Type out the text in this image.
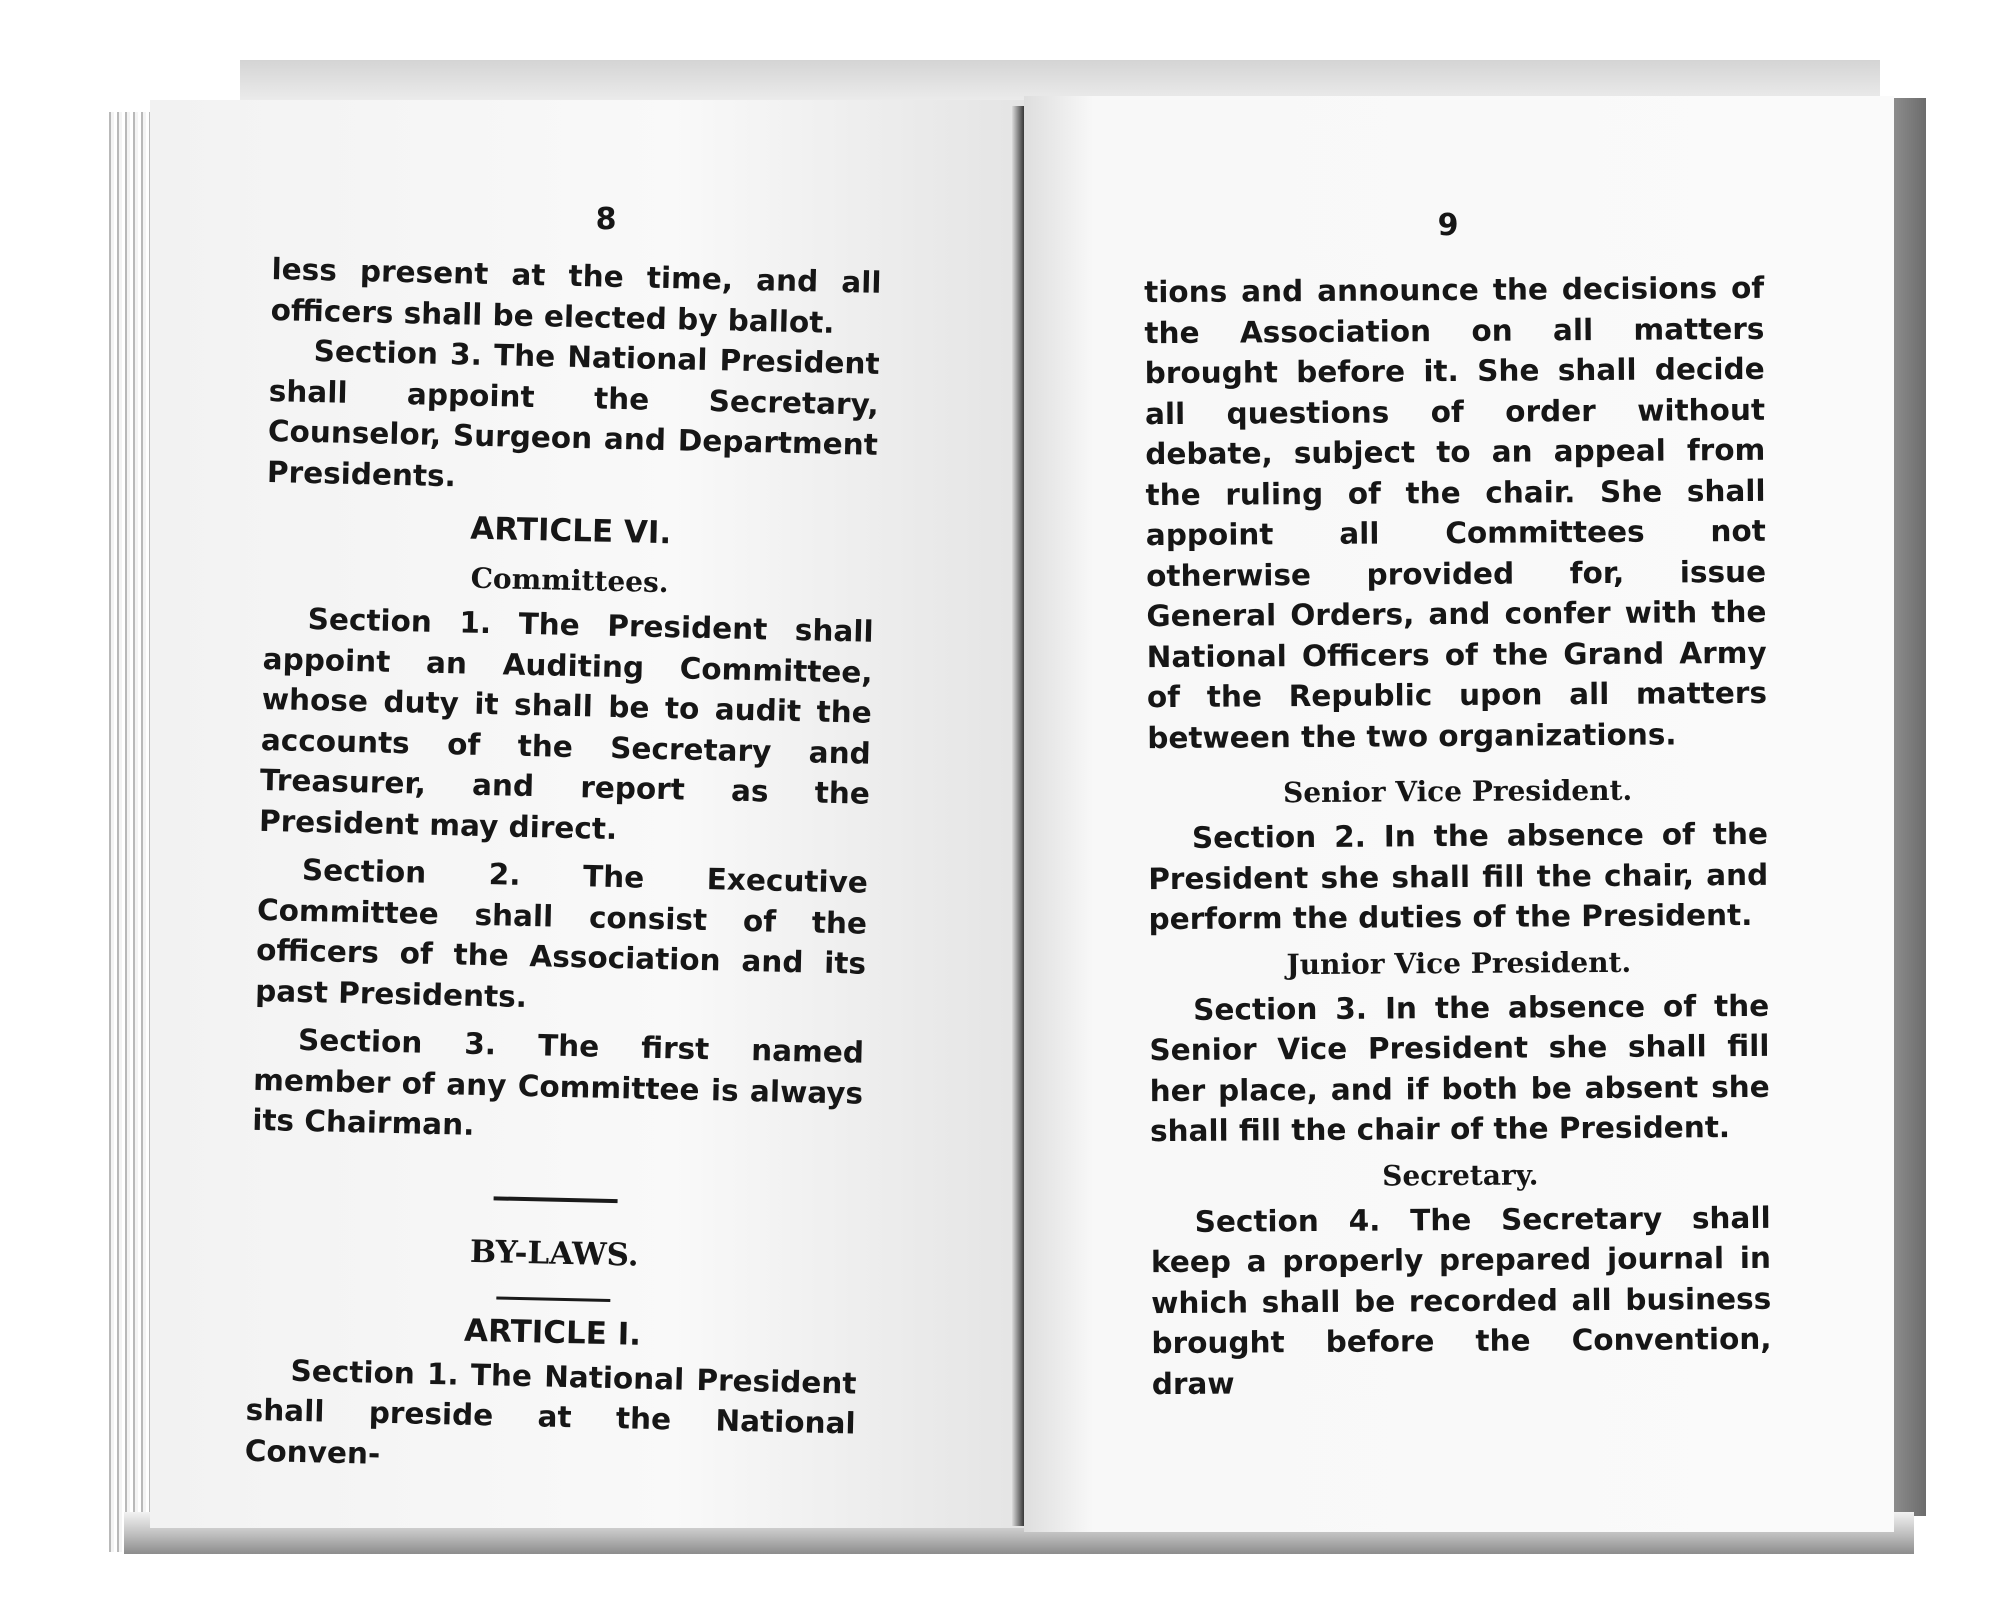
8

less present at the time, and all officers shall be elected by ballot.

Section 3. The National President shall appoint the Secretary, Counselor, Surgeon and Department Presidents.

ARTICLE VI.
Committees.

Section 1. The President shall appoint an Auditing Committee, whose duty it shall be to audit the accounts of the Secretary and Treasurer, and report as the President may direct.

Section 2. The Executive Committee shall consist of the officers of the Association and its past Presidents.

Section 3. The first named member of any Committee is always its Chairman.

BY-LAWS.
ARTICLE I.

Section 1. The National President shall preside at the National Conven-

9

tions and announce the decisions of the Association on all matters brought before it. She shall decide all questions of order without debate, subject to an appeal from the ruling of the chair. She shall appoint all Committees not otherwise provided for, issue General Orders, and confer with the National Officers of the Grand Army of the Republic upon all matters between the two organizations.

Senior Vice President.

Section 2. In the absence of the President she shall fill the chair, and perform the duties of the President.

Junior Vice President.

Section 3. In the absence of the Senior Vice President she shall fill her place, and if both be absent she shall fill the chair of the President.

Secretary.

Section 4. The Secretary shall keep a properly prepared journal in which shall be recorded all business brought before the Convention, draw
